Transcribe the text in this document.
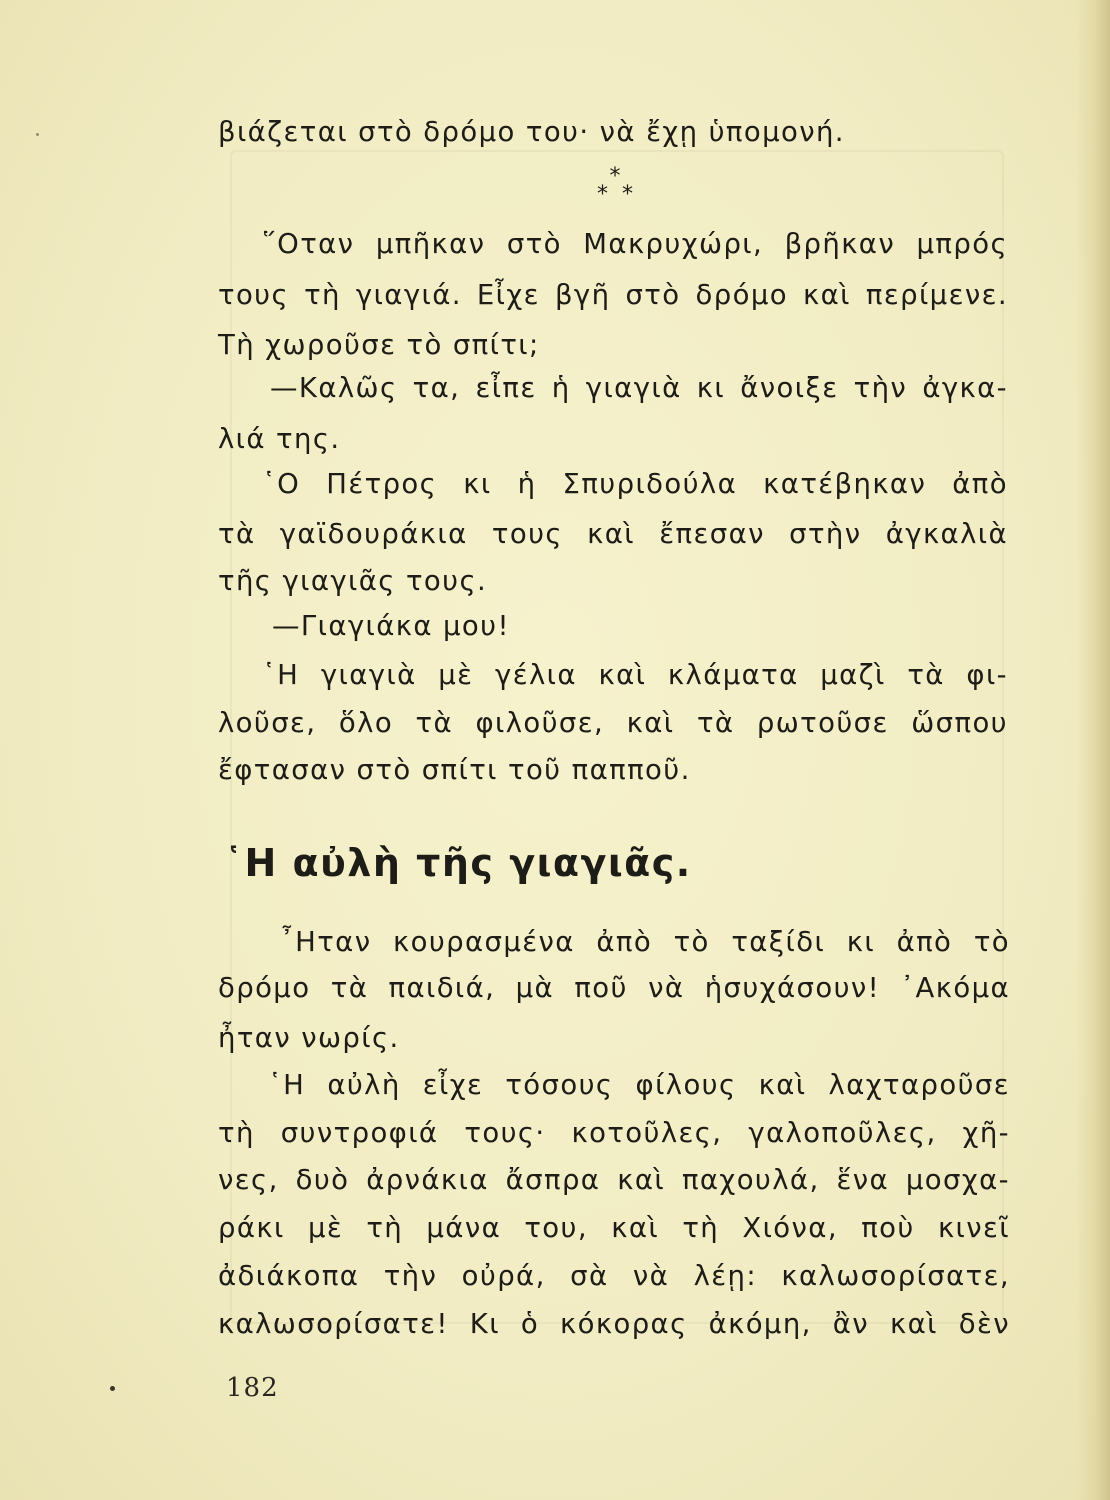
βιάζεται στὸ δρόμο του· νὰ ἔχῃ ὑπομονή.
*
*  *
῞Οταν μπῆκαν στὸ Μακρυχώρι, βρῆκαν μπρός
τους τὴ γιαγιά. Εἶχε βγῆ στὸ δρόμο καὶ περίμενε.
Τὴ χωροῦσε τὸ σπίτι;
—Καλῶς τα, εἶπε ἡ γιαγιὰ κι ἄνοιξε τὴν ἀγκα-
λιά της.
῾Ο Πέτρος κι ἡ Σπυριδούλα κατέβηκαν ἀπὸ
τὰ γαϊδουράκια τους καὶ ἔπεσαν στὴν ἀγκαλιὰ
τῆς γιαγιᾶς τους.
—Γιαγιάκα μου!
῾Η γιαγιὰ μὲ γέλια καὶ κλάματα μαζὶ τὰ φι-
λοῦσε, ὅλο τὰ φιλοῦσε, καὶ τὰ ρωτοῦσε ὥσπου
ἔφτασαν στὸ σπίτι τοῦ παπποῦ.
῾Η αὐλὴ τῆς γιαγιᾶς.
῏Ηταν κουρασμένα ἀπὸ τὸ ταξίδι κι ἀπὸ τὸ
δρόμο τὰ παιδιά, μὰ ποῦ νὰ ἡσυχάσουν! ᾿Ακόμα
ἦταν νωρίς.
῾Η αὐλὴ εἶχε τόσους φίλους καὶ λαχταροῦσε
τὴ συντροφιά τους· κοτοῦλες, γαλοποῦλες, χῆ-
νες, δυὸ ἀρνάκια ἄσπρα καὶ παχουλά, ἕνα μοσχα-
ράκι μὲ τὴ μάνα του, καὶ τὴ Χιόνα, ποὺ κινεῖ
ἀδιάκοπα τὴν οὐρά, σὰ νὰ λέῃ: καλωσορίσατε,
καλωσορίσατε! Κι ὁ κόκορας ἀκόμη, ἂν καὶ δὲν
182
